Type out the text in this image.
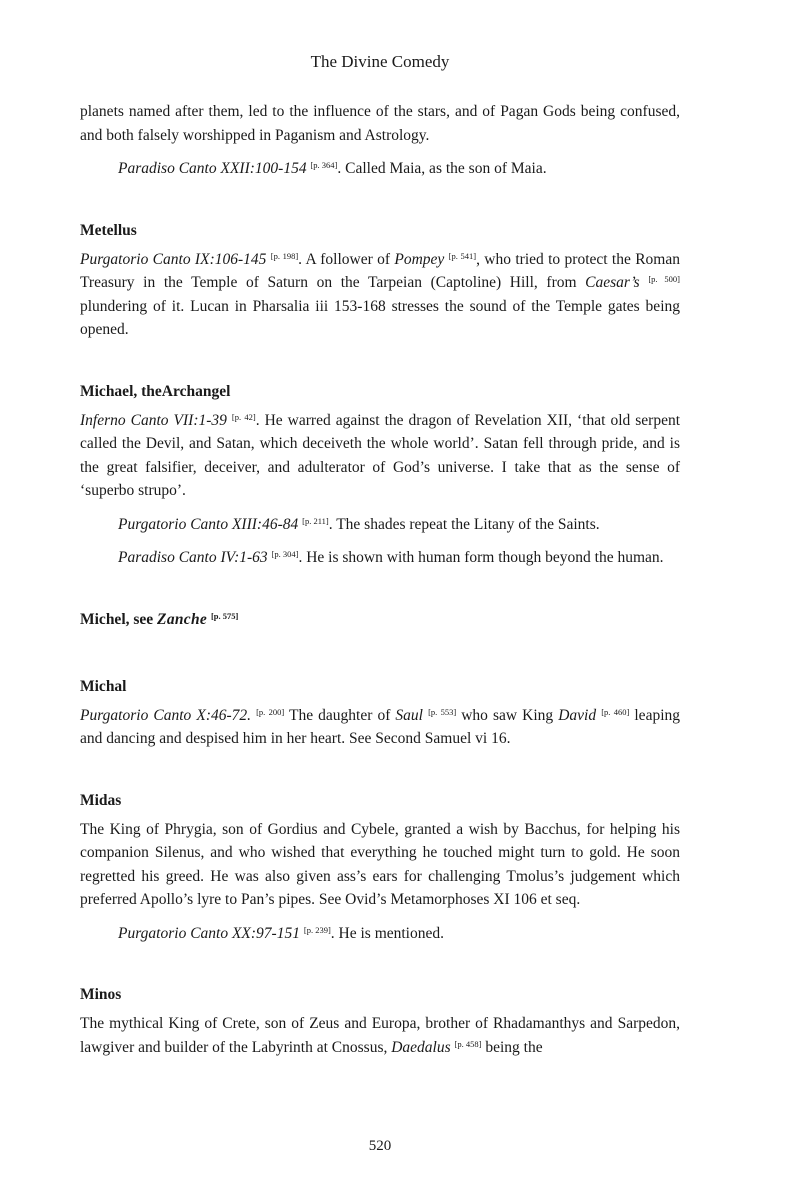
The Divine Comedy

planets named after them, led to the influence of the stars, and of Pagan Gods being confused, and both falsely worshipped in Paganism and Astrology.

Paradiso Canto XXII:100-154 [p. 364]. Called Maia, as the son of Maia.

Metellus

Purgatorio Canto IX:106-145 [p. 198]. A follower of Pompey [p. 541], who tried to protect the Roman Treasury in the Temple of Saturn on the Tarpeian (Captoline) Hill, from Caesar’s [p. 500] plundering of it. Lucan in Pharsalia iii 153-168 stresses the sound of the Temple gates being opened.

Michael, theArchangel

Inferno Canto VII:1-39 [p. 42]. He warred against the dragon of Revelation XII, ‘that old serpent called the Devil, and Satan, which deceiveth the whole world’. Satan fell through pride, and is the great falsifier, deceiver, and adulterator of God’s universe. I take that as the sense of ‘superbo strupo’.

Purgatorio Canto XIII:46-84 [p. 211]. The shades repeat the Litany of the Saints.

Paradiso Canto IV:1-63 [p. 304]. He is shown with human form though beyond the human.

Michel, see Zanche [p. 575]
Michal

Purgatorio Canto X:46-72. [p. 200] The daughter of Saul [p. 553] who saw King David [p. 460] leaping and dancing and despised him in her heart. See Second Samuel vi 16.

Midas

The King of Phrygia, son of Gordius and Cybele, granted a wish by Bacchus, for helping his companion Silenus, and who wished that everything he touched might turn to gold. He soon regretted his greed. He was also given ass’s ears for challenging Tmolus’s judgement which preferred Apollo’s lyre to Pan’s pipes. See Ovid’s Metamorphoses XI 106 et seq.

Purgatorio Canto XX:97-151 [p. 239]. He is mentioned.

Minos

The mythical King of Crete, son of Zeus and Europa, brother of Rhadamanthys and Sarpedon, lawgiver and builder of the Labyrinth at Cnossus, Daedalus [p. 458] being the

520
